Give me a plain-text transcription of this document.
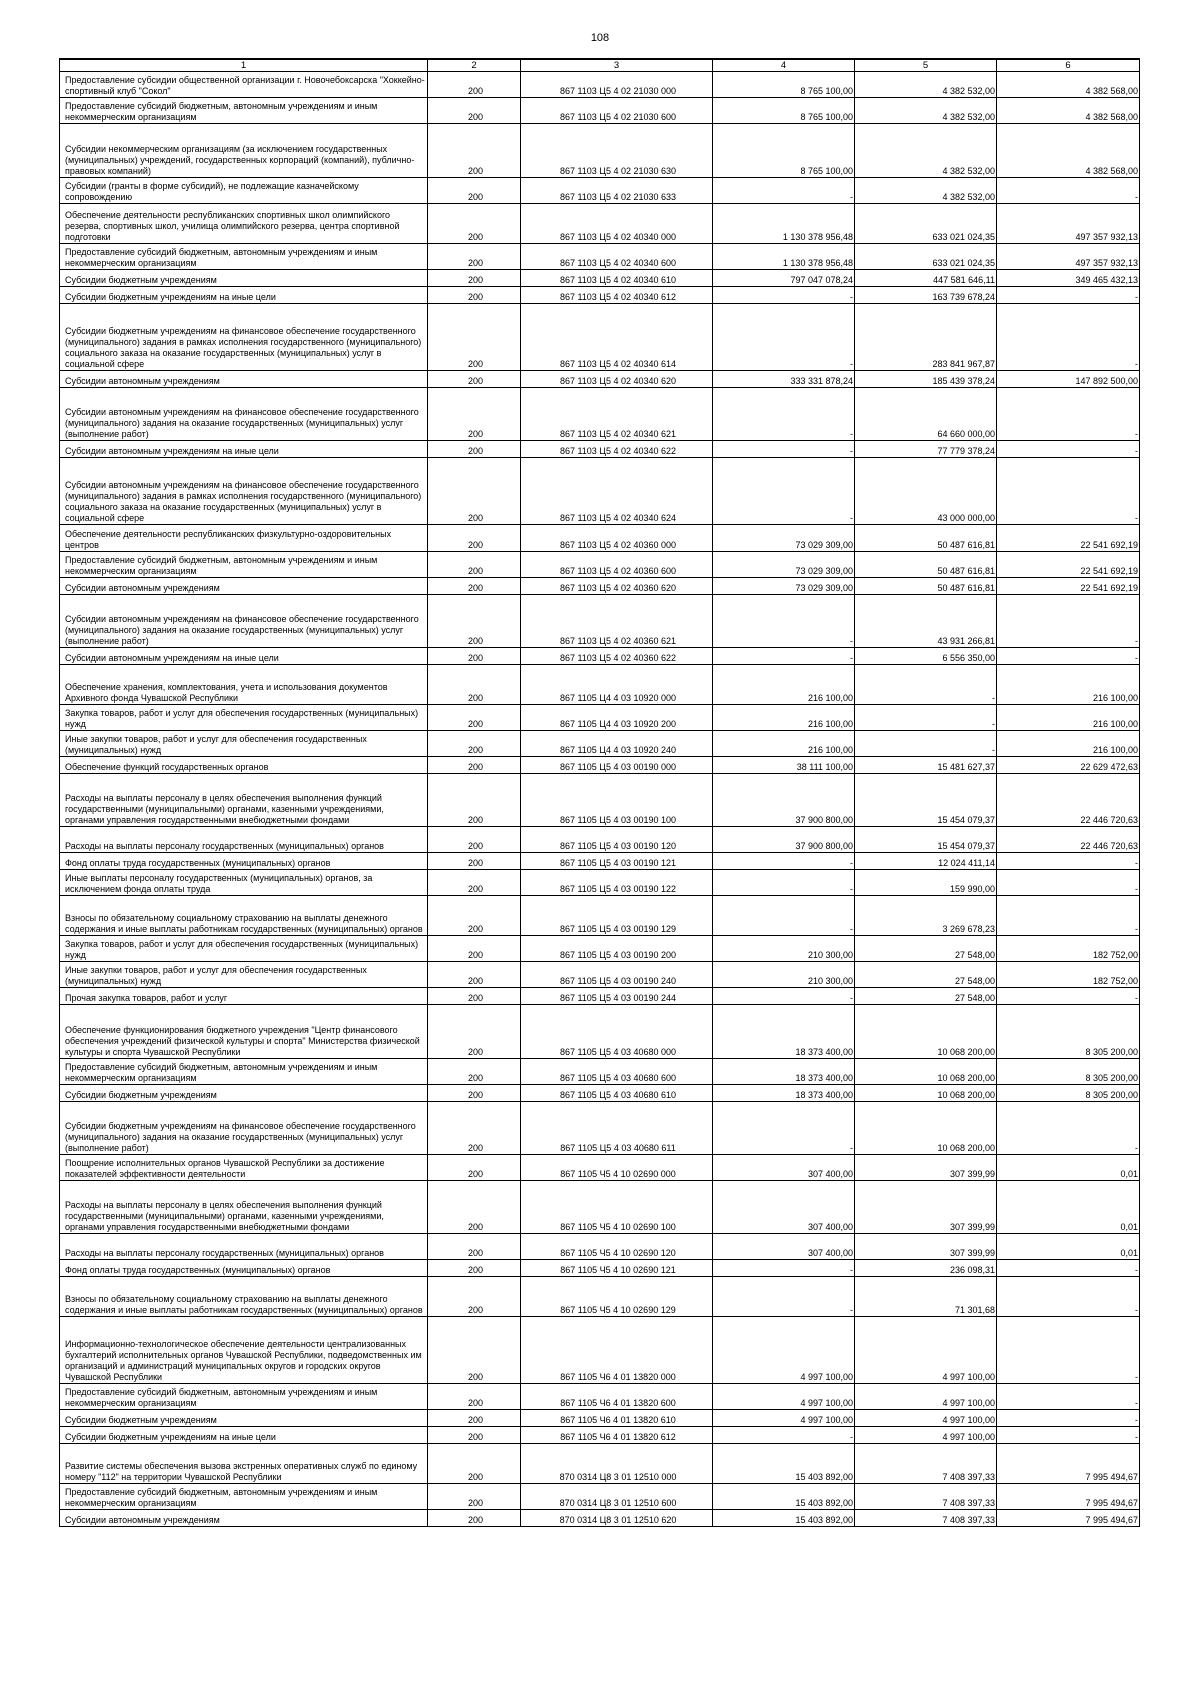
108
1	2	3	4	5	6
Предоставление субсидии общественной организации г. Новочебоксарска "Хоккейно-спортивный клуб "Сокол"	200	867 1103 Ц5 4 02 21030 000	8 765 100,00	4 382 532,00	4 382 568,00
Предоставление субсидий бюджетным, автономным учреждениям и иным некоммерческим организациям	200	867 1103 Ц5 4 02 21030 600	8 765 100,00	4 382 532,00	4 382 568,00
Субсидии некоммерческим организациям (за исключением государственных (муниципальных) учреждений, государственных корпораций (компаний), публично-правовых компаний)	200	867 1103 Ц5 4 02 21030 630	8 765 100,00	4 382 532,00	4 382 568,00
Субсидии (гранты в форме субсидий), не подлежащие казначейскому сопровождению	200	867 1103 Ц5 4 02 21030 633	-	4 382 532,00	-
Обеспечение деятельности республиканских спортивных школ олимпийского резерва, спортивных школ, училища олимпийского резерва, центра спортивной подготовки	200	867 1103 Ц5 4 02 40340 000	1 130 378 956,48	633 021 024,35	497 357 932,13
Предоставление субсидий бюджетным, автономным учреждениям и иным некоммерческим организациям	200	867 1103 Ц5 4 02 40340 600	1 130 378 956,48	633 021 024,35	497 357 932,13
Субсидии бюджетным учреждениям	200	867 1103 Ц5 4 02 40340 610	797 047 078,24	447 581 646,11	349 465 432,13
Субсидии бюджетным учреждениям на иные цели	200	867 1103 Ц5 4 02 40340 612	-	163 739 678,24	-
Субсидии бюджетным учреждениям на финансовое обеспечение государственного (муниципального) задания в рамках исполнения государственного (муниципального) социального заказа на оказание государственных (муниципальных) услуг в социальной сфере	200	867 1103 Ц5 4 02 40340 614	-	283 841 967,87	-
Субсидии автономным учреждениям	200	867 1103 Ц5 4 02 40340 620	333 331 878,24	185 439 378,24	147 892 500,00
Субсидии автономным учреждениям на финансовое обеспечение государственного (муниципального) задания на оказание государственных (муниципальных) услуг (выполнение работ)	200	867 1103 Ц5 4 02 40340 621	-	64 660 000,00	-
Субсидии автономным учреждениям на иные цели	200	867 1103 Ц5 4 02 40340 622	-	77 779 378,24	-
Субсидии автономным учреждениям на финансовое обеспечение государственного (муниципального) задания в рамках исполнения государственного (муниципального) социального заказа на оказание государственных (муниципальных) услуг в социальной сфере	200	867 1103 Ц5 4 02 40340 624	-	43 000 000,00	-
Обеспечение деятельности республиканских физкультурно-оздоровительных центров	200	867 1103 Ц5 4 02 40360 000	73 029 309,00	50 487 616,81	22 541 692,19
Предоставление субсидий бюджетным, автономным учреждениям и иным некоммерческим организациям	200	867 1103 Ц5 4 02 40360 600	73 029 309,00	50 487 616,81	22 541 692,19
Субсидии автономным учреждениям	200	867 1103 Ц5 4 02 40360 620	73 029 309,00	50 487 616,81	22 541 692,19
Субсидии автономным учреждениям на финансовое обеспечение государственного (муниципального) задания на оказание государственных (муниципальных) услуг (выполнение работ)	200	867 1103 Ц5 4 02 40360 621	-	43 931 266,81	-
Субсидии автономным учреждениям на иные цели	200	867 1103 Ц5 4 02 40360 622	-	6 556 350,00	-
Обеспечение хранения, комплектования, учета и использования документов Архивного фонда Чувашской Республики	200	867 1105 Ц4 4 03 10920 000	216 100,00	-	216 100,00
Закупка товаров, работ и услуг для обеспечения государственных (муниципальных) нужд	200	867 1105 Ц4 4 03 10920 200	216 100,00	-	216 100,00
Иные закупки товаров, работ и услуг для обеспечения государственных (муниципальных) нужд	200	867 1105 Ц4 4 03 10920 240	216 100,00	-	216 100,00
Обеспечение функций государственных органов	200	867 1105 Ц5 4 03 00190 000	38 111 100,00	15 481 627,37	22 629 472,63
Расходы на выплаты персоналу в целях обеспечения выполнения функций государственными (муниципальными) органами, казенными учреждениями, органами управления государственными внебюджетными фондами	200	867 1105 Ц5 4 03 00190 100	37 900 800,00	15 454 079,37	22 446 720,63
Расходы на выплаты персоналу государственных (муниципальных) органов	200	867 1105 Ц5 4 03 00190 120	37 900 800,00	15 454 079,37	22 446 720,63
Фонд оплаты труда государственных (муниципальных) органов	200	867 1105 Ц5 4 03 00190 121	-	12 024 411,14	-
Иные выплаты персоналу государственных (муниципальных) органов, за исключением фонда оплаты труда	200	867 1105 Ц5 4 03 00190 122	-	159 990,00	-
Взносы по обязательному социальному страхованию на выплаты денежного содержания и иные выплаты работникам государственных (муниципальных) органов	200	867 1105 Ц5 4 03 00190 129	-	3 269 678,23	-
Закупка товаров, работ и услуг для обеспечения государственных (муниципальных) нужд	200	867 1105 Ц5 4 03 00190 200	210 300,00	27 548,00	182 752,00
Иные закупки товаров, работ и услуг для обеспечения государственных (муниципальных) нужд	200	867 1105 Ц5 4 03 00190 240	210 300,00	27 548,00	182 752,00
Прочая закупка товаров, работ и услуг	200	867 1105 Ц5 4 03 00190 244	-	27 548,00	-
Обеспечение функционирования бюджетного учреждения "Центр финансового обеспечения учреждений физической культуры и спорта" Министерства физической культуры и спорта Чувашской Республики	200	867 1105 Ц5 4 03 40680 000	18 373 400,00	10 068 200,00	8 305 200,00
Предоставление субсидий бюджетным, автономным учреждениям и иным некоммерческим организациям	200	867 1105 Ц5 4 03 40680 600	18 373 400,00	10 068 200,00	8 305 200,00
Субсидии бюджетным учреждениям	200	867 1105 Ц5 4 03 40680 610	18 373 400,00	10 068 200,00	8 305 200,00
Субсидии бюджетным учреждениям на финансовое обеспечение государственного (муниципального) задания на оказание государственных (муниципальных) услуг (выполнение работ)	200	867 1105 Ц5 4 03 40680 611	-	10 068 200,00	-
Поощрение исполнительных органов Чувашской Республики за достижение показателей эффективности деятельности	200	867 1105 Ч5 4 10 02690 000	307 400,00	307 399,99	0,01
Расходы на выплаты персоналу в целях обеспечения выполнения функций государственными (муниципальными) органами, казенными учреждениями, органами управления государственными внебюджетными фондами	200	867 1105 Ч5 4 10 02690 100	307 400,00	307 399,99	0,01
Расходы на выплаты персоналу государственных (муниципальных) органов	200	867 1105 Ч5 4 10 02690 120	307 400,00	307 399,99	0,01
Фонд оплаты труда государственных (муниципальных) органов	200	867 1105 Ч5 4 10 02690 121	-	236 098,31	-
Взносы по обязательному социальному страхованию на выплаты денежного содержания и иные выплаты работникам государственных (муниципальных) органов	200	867 1105 Ч5 4 10 02690 129	-	71 301,68	-
Информационно-технологическое обеспечение деятельности централизованных бухгалтерий исполнительных органов Чувашской Республики, подведомственных им организаций и администраций муниципальных округов и городских округов Чувашской Республики	200	867 1105 Ч6 4 01 13820 000	4 997 100,00	4 997 100,00	-
Предоставление субсидий бюджетным, автономным учреждениям и иным некоммерческим организациям	200	867 1105 Ч6 4 01 13820 600	4 997 100,00	4 997 100,00	-
Субсидии бюджетным учреждениям	200	867 1105 Ч6 4 01 13820 610	4 997 100,00	4 997 100,00	-
Субсидии бюджетным учреждениям на иные цели	200	867 1105 Ч6 4 01 13820 612	-	4 997 100,00	-
Развитие системы обеспечения вызова экстренных оперативных служб по единому номеру "112" на территории Чувашской Республики	200	870 0314 Ц8 3 01 12510 000	15 403 892,00	7 408 397,33	7 995 494,67
Предоставление субсидий бюджетным, автономным учреждениям и иным некоммерческим организациям	200	870 0314 Ц8 3 01 12510 600	15 403 892,00	7 408 397,33	7 995 494,67
Субсидии автономным учреждениям	200	870 0314 Ц8 3 01 12510 620	15 403 892,00	7 408 397,33	7 995 494,67
